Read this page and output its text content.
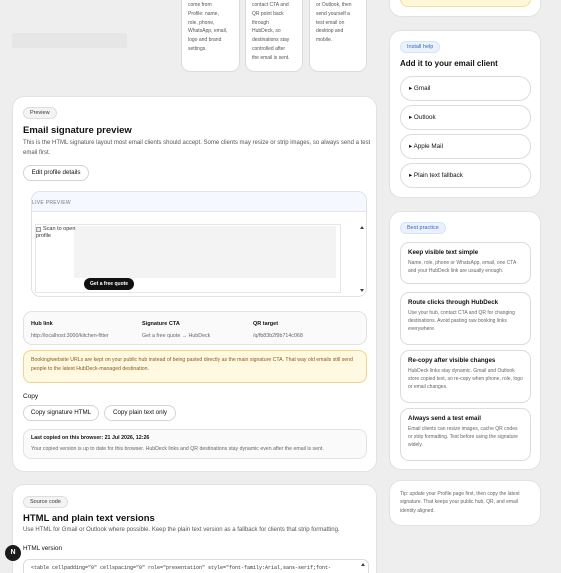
come from
Profile: name,
role, phone,
WhatsApp, email,
logo and brand
settings.
contact CTA and
QR point back
through
HubDeck, so
destinations stay
controlled after
the email is sent.
or Outlook, then
send yourself a
test email on
desktop and
mobile.
Preview
Email signature preview
This is the HTML signature layout most email clients should accept. Some clients may resize or strip images, so always send a test email first.
Edit profile details
LIVE PREVIEW
Scan to open profile
Get a free quote
Hub link
http://localhost:3000/kitchen-fitter
Signature CTA
Get a free quote → HubDeck
QR target
/q/fb83b2f9b714c068
Booking/website URLs are kept on your public hub instead of being pasted directly as the main signature CTA. That way old emails still send people to the latest HubDeck-managed destination.
Copy
Copy signature HTML	Copy plain text only
Last copied on this browser: 21 Jul 2026, 12:26
Your copied version is up to date for this browser. HubDeck links and QR destinations stay dynamic even after the email is sent.
Source code
HTML and plain text versions
Use HTML for Gmail or Outlook where possible. Keep the plain text version as a fallback for clients that strip formatting.
HTML version
<table cellpadding="0" cellspacing="0" role="presentation" style="font-family:Arial,sans-serif;font-
N
Install help
Add it to your email client
▸ Gmail
▸ Outlook
▸ Apple Mail
▸ Plain text fallback
Best practice
Keep visible text simple
Name, role, phone or WhatsApp, email, one CTA and your HubDeck link are usually enough.
Route clicks through HubDeck
Use your hub, contact CTA and QR for changing destinations. Avoid pasting raw booking links everywhere.
Re-copy after visible changes
HubDeck links stay dynamic. Gmail and Outlook store copied text, so re-copy when phone, role, logo or email changes.
Always send a test email
Email clients can resize images, cache QR codes or strip formatting. Test before using the signature widely.
Tip: update your Profile page first, then copy the latest signature. That keeps your public hub, QR, and email identity aligned.
